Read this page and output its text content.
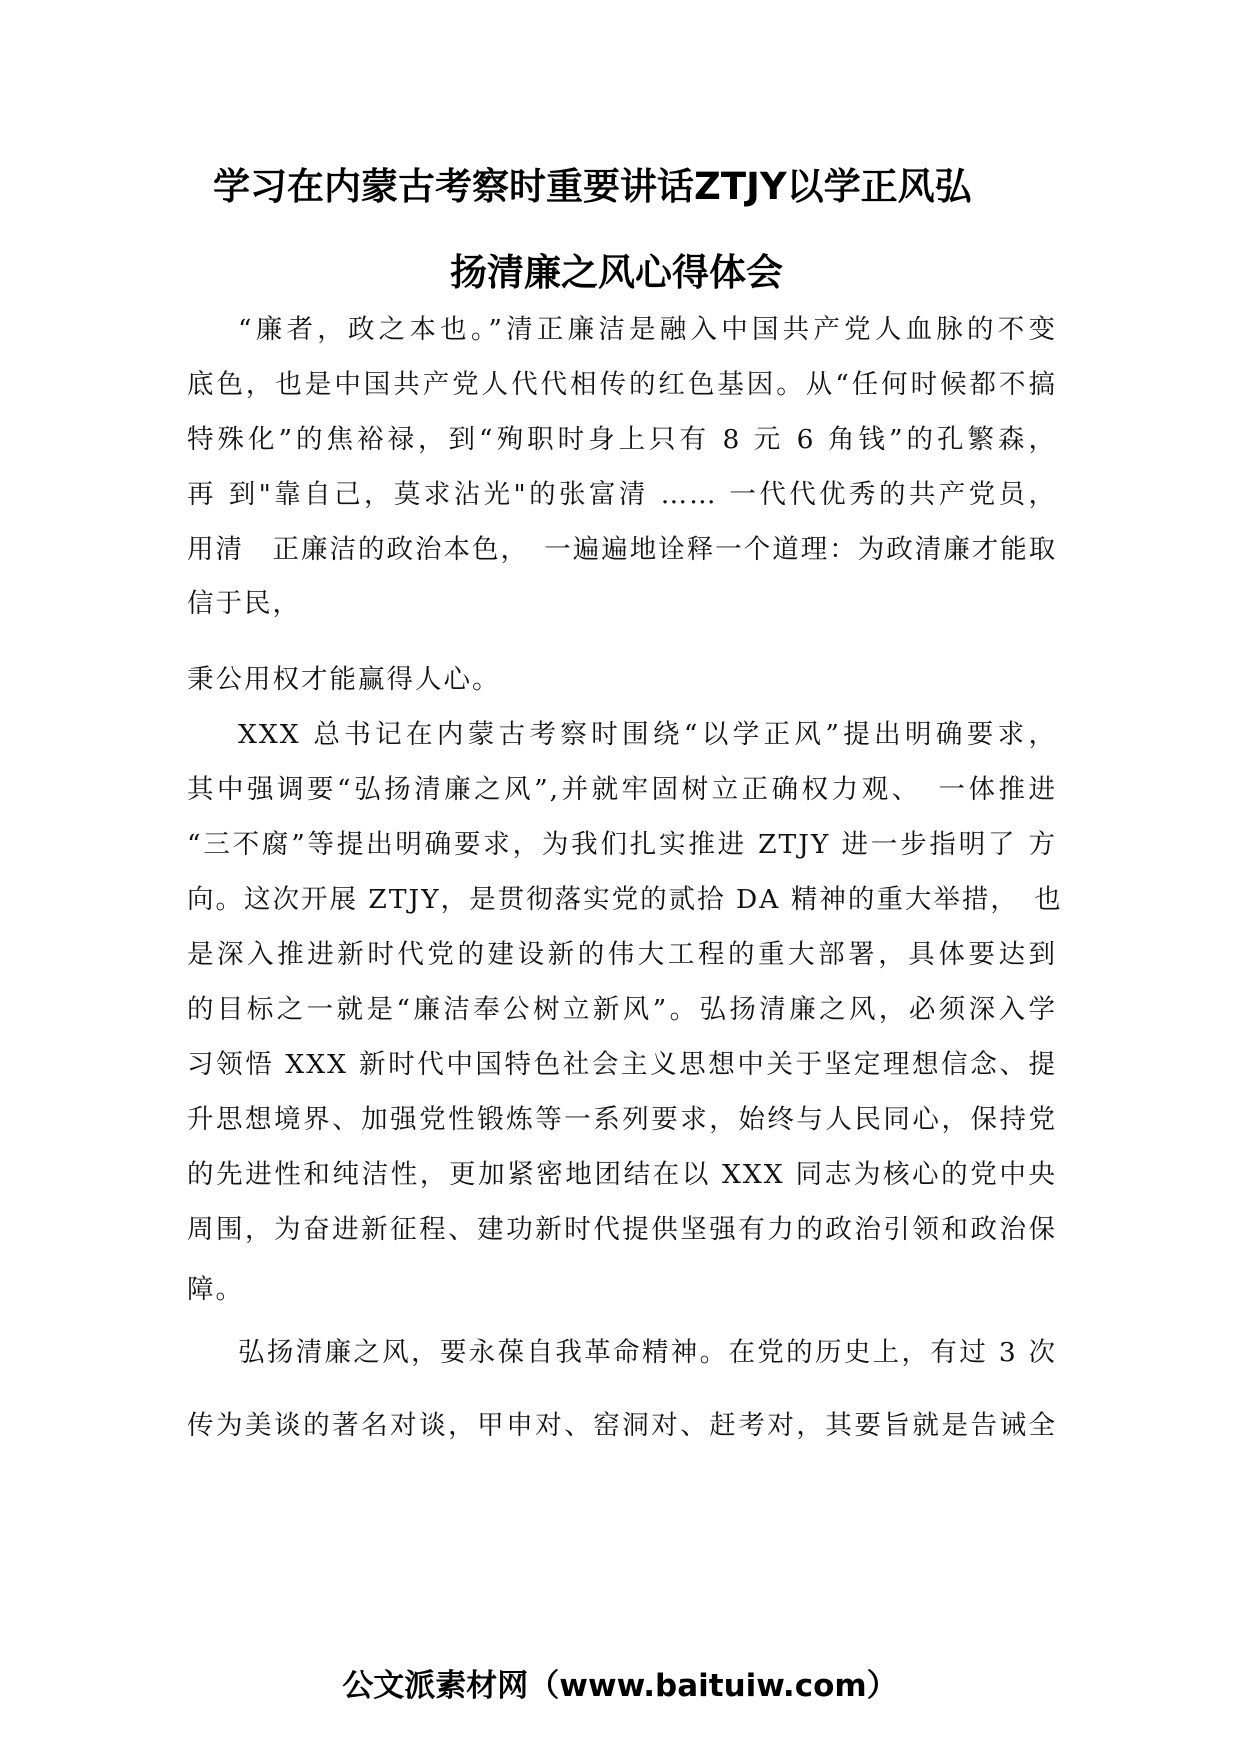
学习在内蒙古考察时重要讲话ZTJY以学正风弘
扬清廉之风心得体会
“廉者，政之本也。”清正廉洁是融入中国共产党人血脉的不变
底色，也是中国共产党人代代相传的红色基因。从“任何时候都不搞
特殊化”的焦裕禄，到“殉职时身上只有 8 元 6 角钱”的孔繁森，
再 到"靠自己，莫求沾光"的张富清 …… 一代代优秀的共产党员，
用清　正廉洁的政治本色，　一遍遍地诠释一个道理：为政清廉才能取
信于民，
秉公用权才能赢得人心。
XXX 总书记在内蒙古考察时围绕“以学正风”提出明确要求，
其中强调要“弘扬清廉之风”,并就牢固树立正确权力观、　一体推进
“三不腐”等提出明确要求，为我们扎实推进 ZTJY 进一步指明了 方
向。这次开展 ZTJY，是贯彻落实党的贰拾 DA 精神的重大举措，　也
是深入推进新时代党的建设新的伟大工程的重大部署，具体要达到
的目标之一就是“廉洁奉公树立新风”。弘扬清廉之风，必须深入学
习领悟 XXX 新时代中国特色社会主义思想中关于坚定理想信念、提
升思想境界、加强党性锻炼等一系列要求，始终与人民同心，保持党
的先进性和纯洁性，更加紧密地团结在以 XXX 同志为核心的党中央
周围，为奋进新征程、建功新时代提供坚强有力的政治引领和政治保
障。
弘扬清廉之风，要永葆自我革命精神。在党的历史上，有过 3 次
传为美谈的著名对谈，甲申对、窑洞对、赶考对，其要旨就是告诫全
公文派素材网（www.baituiw.com）
